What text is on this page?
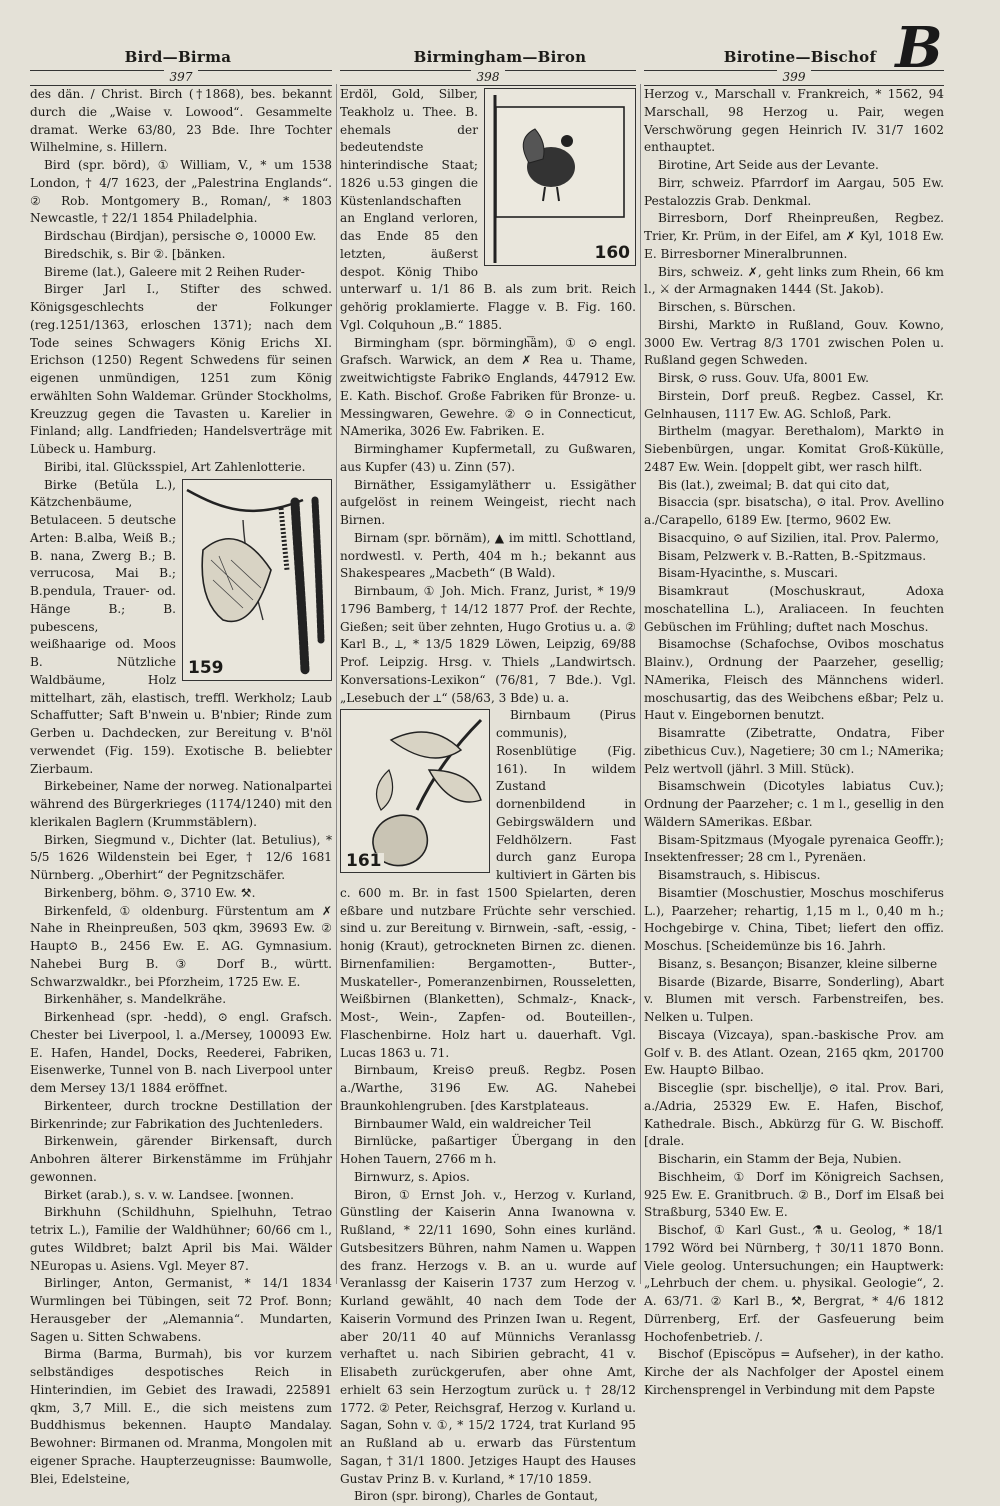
B
Bird—Birma	Birmingham—Biron	Birotine—Bischof
397	398	399

des dän. / Christ. Birch (†1868), bes. bekannt durch die „Waise v. Lowood“. Gesammelte dramat. Werke 63/80, 23 Bde. Ihre Tochter Wilhelmine, s. Hillern.

Bird (spr. börd), ① William, V., * um 1538 London, † 4/7 1623, der „Palestrina Englands“. ② Rob. Montgomery B., Roman/, * 1803 Newcastle, † 22/1 1854 Philadelphia.

Birdschau (Birdjan), persische ⊙, 10000 Ew.

Biredschik, s. Bir ②. [bänken.

Bireme (lat.), Galeere mit 2 Reihen Ruder-

Birger Jarl I., Stifter des schwed. Königsgeschlechts der Folkunger (reg.1251/1363, erloschen 1371); nach dem Tode seines Schwagers König Erichs XI. Erichson (1250) Regent Schwedens für seinen eigenen unmündigen, 1251 zum König erwählten Sohn Waldemar. Gründer Stockholms, Kreuzzug gegen die Tavasten u. Karelier in Finland; allg. Landfrieden; Handelsverträge mit Lübeck u. Hamburg.

Biribi, ital. Glücksspiel, Art Zahlenlotterie.

159

Birke (Betŭla L.), Kätzchenbäume, Betulaceen. 5 deutsche Arten: B.alba, Weiß B.; B. nana, Zwerg B.; B. verrucosa, Mai B.; B.pendula, Trauer- od. Hänge B.; B. pubescens, weißhaarige od. Moos B. Nützliche Waldbäume, Holz mittelhart, zäh, elastisch, treffl. Werkholz; Laub Schaffutter; Saft B'nwein u. B'nbier; Rinde zum Gerben u. Dachdecken, zur Bereitung v. B'nöl verwendet (Fig. 159). Exotische B. beliebter Zierbaum.

Birkebeiner, Name der norweg. Nationalpartei während des Bürgerkrieges (1174/1240) mit den klerikalen Baglern (Krummstäblern).

Birken, Siegmund v., Dichter (lat. Betulius), * 5/5 1626 Wildenstein bei Eger, † 12/6 1681 Nürnberg. „Oberhirt“ der Pegnitzschäfer.

Birkenberg, böhm. ⊙, 3710 Ew. ⚒.

Birkenfeld, ① oldenburg. Fürstentum am ✗ Nahe in Rheinpreußen, 503 qkm, 39693 Ew. ② Haupt⊙ B., 2456 Ew. E. AG. Gymnasium. Nahebei Burg B. ③ Dorf B., württ. Schwarzwaldkr., bei Pforzheim, 1725 Ew. E.

Birkenhäher, s. Mandelkrähe.

Birkenhead (spr. -hedd), ⊙ engl. Grafsch. Chester bei Liverpool, l. a./Mersey, 100093 Ew. E. Hafen, Handel, Docks, Reederei, Fabriken, Eisenwerke, Tunnel von B. nach Liverpool unter dem Mersey 13/1 1884 eröffnet.

Birkenteer, durch trockne Destillation der Birkenrinde; zur Fabrikation des Juchtenleders.

Birkenwein, gärender Birkensaft, durch Anbohren älterer Birkenstämme im Frühjahr gewonnen.

Birket (arab.), s. v. w. Landsee. [wonnen.

Birkhuhn (Schildhuhn, Spielhuhn, Tetrao tetrix L.), Familie der Waldhühner; 60/66 cm l., gutes Wildbret; balzt April bis Mai. Wälder NEuropas u. Asiens. Vgl. Meyer 87.

Birlinger, Anton, Germanist, * 14/1 1834 Wurmlingen bei Tübingen, seit 72 Prof. Bonn; Herausgeber der „Alemannia“. Mundarten, Sagen u. Sitten Schwabens.

Birma (Barma, Burmah), bis vor kurzem selbständiges despotisches Reich in Hinterindien, im Gebiet des Irawadi, 225891 qkm, 3,7 Mill. E., die sich meistens zum Buddhismus bekennen. Haupt⊙ Mandalay. Bewohner: Birmanen od. Mranma, Mongolen mit eigener Sprache. Haupterzeugnisse: Baumwolle, Blei, Edelsteine,

160

Erdöl, Gold, Silber, Teakholz u. Thee. B. ehemals der bedeutendste hinterindische Staat; 1826 u.53 gingen die Küstenlandschaften an England verloren, das Ende 85 den letzten, äußerst despot. König Thibo unterwarf u. 1/1 86 B. als zum brit. Reich gehörig proklamierte. Flagge v. B. Fig. 160. Vgl. Colquhoun „B.“ 1885.

Birmingham (spr. börmingh͞äm), ① ⊙ engl. Grafsch. Warwick, an dem ✗ Rea u. Thame, zweitwichtigste Fabrik⊙ Englands, 447912 Ew. E. Kath. Bischof. Große Fabriken für Bronze- u. Messingwaren, Gewehre. ② ⊙ in Connecticut, NAmerika, 3026 Ew. Fabriken. E.

Birminghamer Kupfermetall, zu Gußwaren, aus Kupfer (43) u. Zinn (57).

Birnäther, Essigamylätherr u. Essigäther aufgelöst in reinem Weingeist, riecht nach Birnen.

Birnam (spr. börnäm), ▲ im mittl. Schottland, nordwestl. v. Perth, 404 m h.; bekannt aus Shakespeares „Macbeth“ (B Wald).

Birnbaum, ① Joh. Mich. Franz, Jurist, * 19/9 1796 Bamberg, † 14/12 1877 Prof. der Rechte, Gießen; seit über zehnten, Hugo Grotius u. a. ② Karl B., ⟂, * 13/5 1829 Löwen, Leipzig, 69/88 Prof. Leipzig. Hrsg. v. Thiels „Landwirtsch. Konversations-Lexikon“ (76/81, 7 Bde.). Vgl. „Lesebuch der ⟂“ (58/63, 3 Bde) u. a.

161

Birnbaum (Pirus communis), Rosenblütige (Fig. 161). In wildem Zustand dornenbildend in Gebirgswäldern und Feldhölzern. Fast durch ganz Europa kultiviert in Gärten bis c. 600 m. Br. in fast 1500 Spielarten, deren eßbare und nutzbare Früchte sehr verschied. sind u. zur Bereitung v. Birnwein, -saft, -essig, -honig (Kraut), getrockneten Birnen zc. dienen. Birnenfamilien: Bergamotten-, Butter-, Muskateller-, Pomeranzenbirnen, Rousseletten, Weißbirnen (Blanketten), Schmalz-, Knack-, Most-, Wein-, Zapfen- od. Bouteillen-, Flaschenbirne. Holz hart u. dauerhaft. Vgl. Lucas 1863 u. 71.

Birnbaum, Kreis⊙ preuß. Regbz. Posen a./Warthe, 3196 Ew. AG. Nahebei Braunkohlengruben. [des Karstplateaus.

Birnbaumer Wald, ein waldreicher Teil

Birnlücke, paßartiger Übergang in den Hohen Tauern, 2766 m h.

Birnwurz, s. Apios.

Biron, ① Ernst Joh. v., Herzog v. Kurland, Günstling der Kaiserin Anna Iwanowna v. Rußland, * 22/11 1690, Sohn eines kurländ. Gutsbesitzers Bühren, nahm Namen u. Wappen des franz. Herzogs v. B. an u. wurde auf Veranlassg der Kaiserin 1737 zum Herzog v. Kurland gewählt, 40 nach dem Tode der Kaiserin Vormund des Prinzen Iwan u. Regent, aber 20/11 40 auf Münnichs Veranlassg verhaftet u. nach Sibirien gebracht, 41 v. Elisabeth zurückgerufen, aber ohne Amt, erhielt 63 sein Herzogtum zurück u. † 28/12 1772. ② Peter, Reichsgraf, Herzog v. Kurland u. Sagan, Sohn v. ①, * 15/2 1724, trat Kurland 95 an Rußland ab u. erwarb das Fürstentum Sagan, † 31/1 1800. Jetziges Haupt des Hauses Gustav Prinz B. v. Kurland, * 17/10 1859.

Biron (spr. birong), Charles de Gontaut,

Herzog v., Marschall v. Frankreich, * 1562, 94 Marschall, 98 Herzog u. Pair, wegen Verschwörung gegen Heinrich IV. 31/7 1602 enthauptet.

Birotine, Art Seide aus der Levante.

Birr, schweiz. Pfarrdorf im Aargau, 505 Ew. Pestalozzis Grab. Denkmal.

Birresborn, Dorf Rheinpreußen, Regbez. Trier, Kr. Prüm, in der Eifel, am ✗ Kyl, 1018 Ew. E. Birresborner Mineralbrunnen.

Birs, schweiz. ✗, geht links zum Rhein, 66 km l., ⚔ der Armagnaken 1444 (St. Jakob).

Birschen, s. Bürschen.

Birshi, Markt⊙ in Rußland, Gouv. Kowno, 3000 Ew. Vertrag 8/3 1701 zwischen Polen u. Rußland gegen Schweden.

Birsk, ⊙ russ. Gouv. Ufa, 8001 Ew.

Birstein, Dorf preuß. Regbez. Cassel, Kr. Gelnhausen, 1117 Ew. AG. Schloß, Park.

Birthelm (magyar. Berethalom), Markt⊙ in Siebenbürgen, ungar. Komitat Groß-Kükülle, 2487 Ew. Wein. [doppelt gibt, wer rasch hilft.

Bis (lat.), zweimal; B. dat qui cito dat,

Bisaccia (spr. bisatscha), ⊙ ital. Prov. Avellino a./Carapello, 6189 Ew. [termo, 9602 Ew.

Bisacquino, ⊙ auf Sizilien, ital. Prov. Palermo,

Bisam, Pelzwerk v. B.-Ratten, B.-Spitzmaus.

Bisam-Hyacinthe, s. Muscari.

Bisamkraut (Moschuskraut, Adoxa moschatellina L.), Araliaceen. In feuchten Gebüschen im Frühling; duftet nach Moschus.

Bisamochse (Schafochse, Ovibos moschatus Blainv.), Ordnung der Paarzeher, gesellig; NAmerika, Fleisch des Männchens widerl. moschusartig, das des Weibchens eßbar; Pelz u. Haut v. Eingebornen benutzt.

Bisamratte (Zibetratte, Ondatra, Fiber zibethicus Cuv.), Nagetiere; 30 cm l.; NAmerika; Pelz wertvoll (jährl. 3 Mill. Stück).

Bisamschwein (Dicotyles labiatus Cuv.); Ordnung der Paarzeher; c. 1 m l., gesellig in den Wäldern SAmerikas. Eßbar.

Bisam-Spitzmaus (Myogale pyrenaica Geoffr.); Insektenfresser; 28 cm l., Pyrenäen.

Bisamstrauch, s. Hibiscus.

Bisamtier (Moschustier, Moschus moschiferus L.), Paarzeher; rehartig, 1,15 m l., 0,40 m h.; Hochgebirge v. China, Tibet; liefert den offiz. Moschus. [Scheidemünze bis 16. Jahrh.

Bisanz, s. Besançon; Bisanzer, kleine silberne

Bisarde (Bizarde, Bisarre, Sonderling), Abart v. Blumen mit versch. Farbenstreifen, bes. Nelken u. Tulpen.

Biscaya (Vizcaya), span.-baskische Prov. am Golf v. B. des Atlant. Ozean, 2165 qkm, 201700 Ew. Haupt⊙ Bilbao.

Bisceglie (spr. bischellje), ⊙ ital. Prov. Bari, a./Adria, 25329 Ew. E. Hafen, Bischof, Kathedrale. Bisch., Abkürzg für G. W. Bischoff. [drale.

Bischarin, ein Stamm der Beja, Nubien.

Bischheim, ① Dorf im Königreich Sachsen, 925 Ew. E. Granitbruch. ② B., Dorf im Elsaß bei Straßburg, 5340 Ew. E.

Bischof, ① Karl Gust., ⚗ u. Geolog, * 18/1 1792 Wörd bei Nürnberg, † 30/11 1870 Bonn. Viele geolog. Untersuchungen; ein Hauptwerk: „Lehrbuch der chem. u. physikal. Geologie“, 2. A. 63/71. ② Karl B., ⚒, Bergrat, * 4/6 1812 Dürrenberg, Erf. der Gasfeuerung beim Hochofenbetrieb. /.

Bischof (Episcŏpus = Aufseher), in der katho. Kirche der als Nachfolger der Apostel einem Kirchensprengel in Verbindung mit dem Papste
